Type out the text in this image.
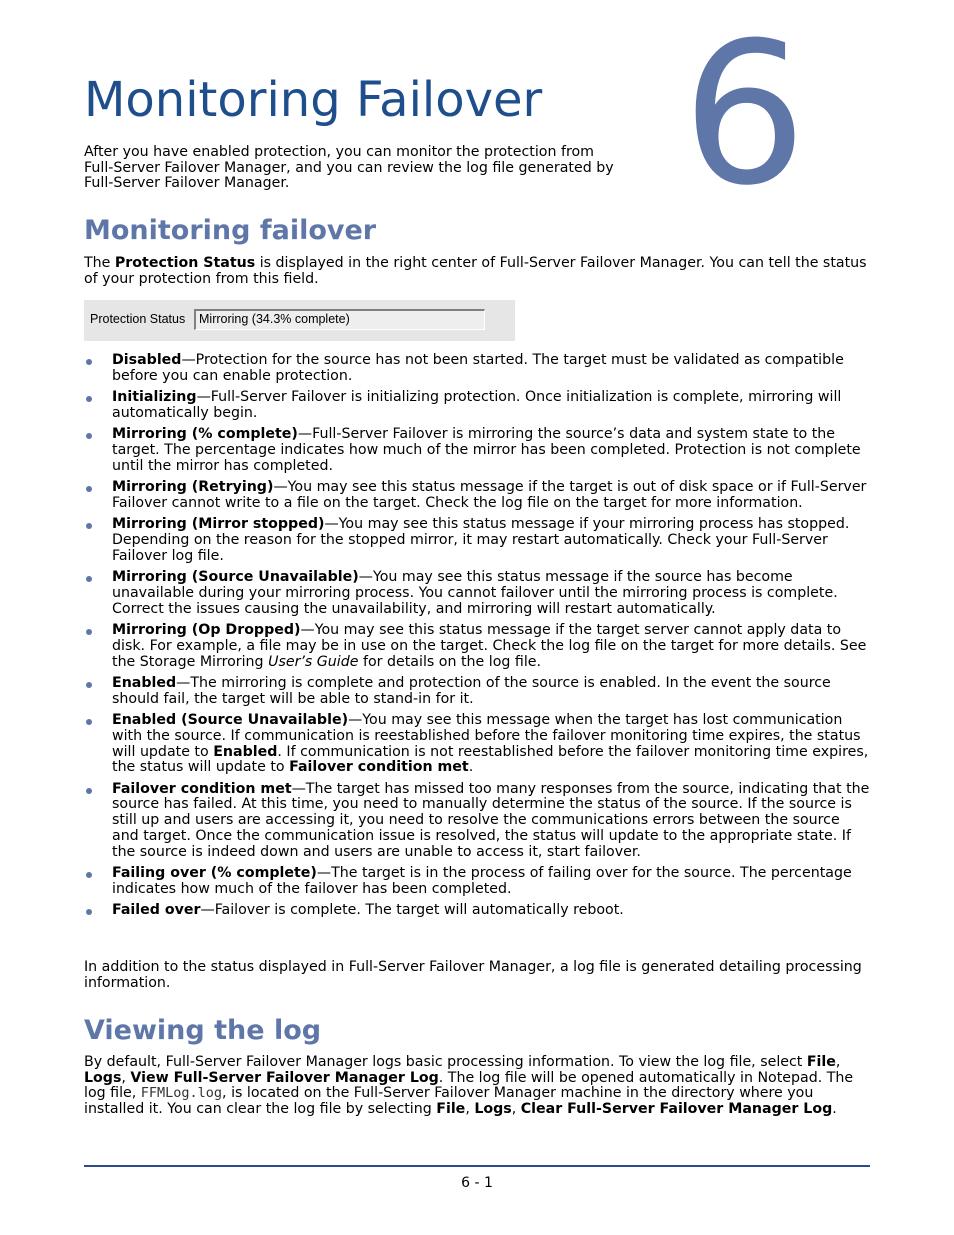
Monitoring Failover 6

After you have enabled protection, you can monitor the protection from Full-Server Failover Manager, and you can review the log file generated by Full-Server Failover Manager.

Monitoring failover

The Protection Status is displayed in the right center of Full-Server Failover Manager. You can tell the status of your protection from this field.

Protection Status Mirroring (34.3% complete)
Disabled—Protection for the source has not been started. The target must be validated as compatible before you can enable protection.
Initializing—Full-Server Failover is initializing protection. Once initialization is complete, mirroring will automatically begin.
Mirroring (% complete)—Full-Server Failover is mirroring the source’s data and system state to the target. The percentage indicates how much of the mirror has been completed. Protection is not complete until the mirror has completed.
Mirroring (Retrying)—You may see this status message if the target is out of disk space or if Full-Server Failover cannot write to a file on the target. Check the log file on the target for more information.
Mirroring (Mirror stopped)—You may see this status message if your mirroring process has stopped. Depending on the reason for the stopped mirror, it may restart automatically. Check your Full-Server Failover log file.
Mirroring (Source Unavailable)—You may see this status message if the source has become unavailable during your mirroring process. You cannot failover until the mirroring process is complete. Correct the issues causing the unavailability, and mirroring will restart automatically.
Mirroring (Op Dropped)—You may see this status message if the target server cannot apply data to disk. For example, a file may be in use on the target. Check the log file on the target for more details. See the Storage Mirroring User’s Guide for details on the log file.
Enabled—The mirroring is complete and protection of the source is enabled. In the event the source should fail, the target will be able to stand-in for it.
Enabled (Source Unavailable)—You may see this message when the target has lost communication with the source. If communication is reestablished before the failover monitoring time expires, the status will update to Enabled. If communication is not reestablished before the failover monitoring time expires, the status will update to Failover condition met.
Failover condition met—The target has missed too many responses from the source, indicating that the source has failed. At this time, you need to manually determine the status of the source. If the source is still up and users are accessing it, you need to resolve the communications errors between the source and target. Once the communication issue is resolved, the status will update to the appropriate state. If the source is indeed down and users are unable to access it, start failover.
Failing over (% complete)—The target is in the process of failing over for the source. The percentage indicates how much of the failover has been completed.
Failed over—Failover is complete. The target will automatically reboot.

In addition to the status displayed in Full-Server Failover Manager, a log file is generated detailing processing information.

Viewing the log

By default, Full-Server Failover Manager logs basic processing information. To view the log file, select File, Logs, View Full-Server Failover Manager Log. The log file will be opened automatically in Notepad. The log file, FFMLog.log, is located on the Full-Server Failover Manager machine in the directory where you installed it. You can clear the log file by selecting File, Logs, Clear Full-Server Failover Manager Log.

6 - 1
